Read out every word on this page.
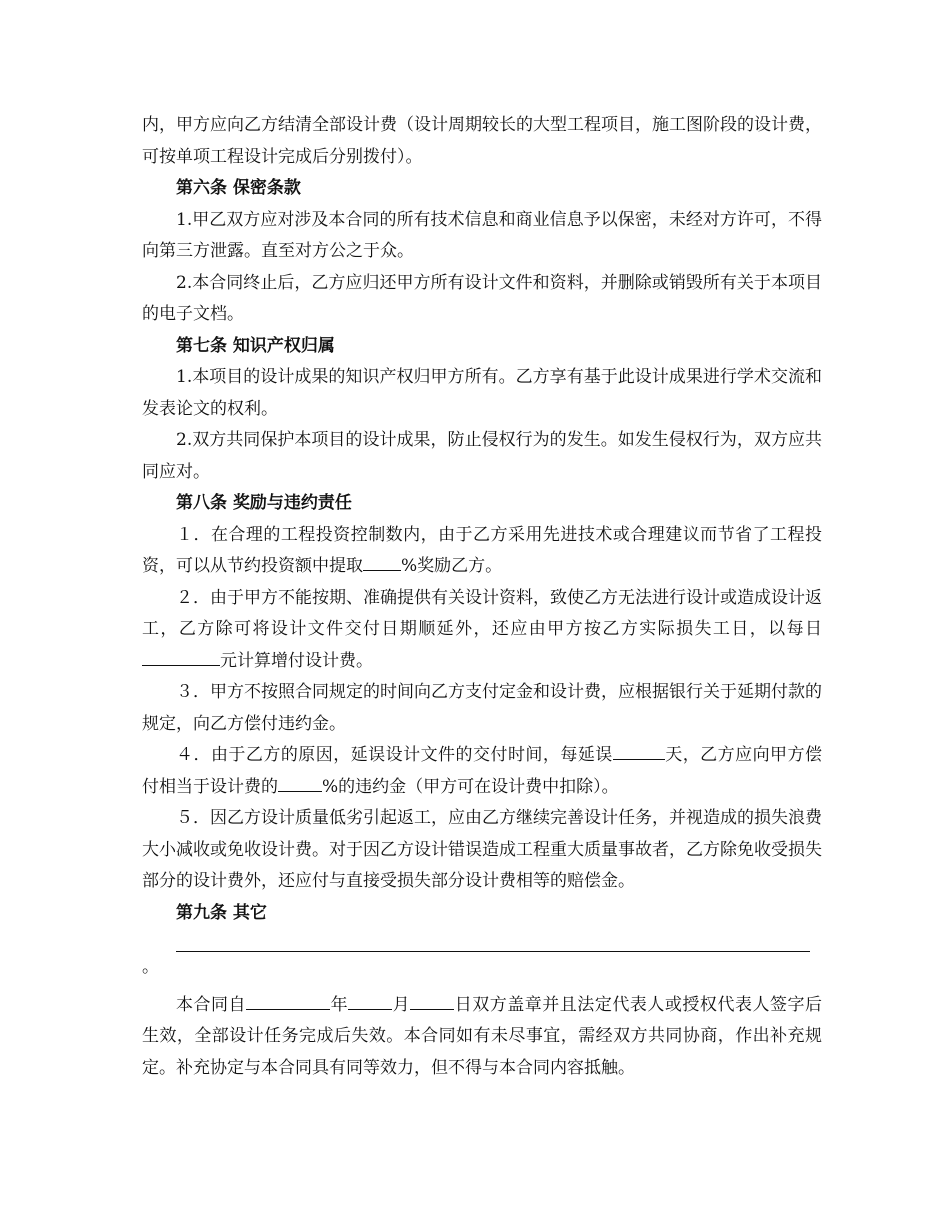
内，甲方应向乙方结清全部设计费（设计周期较长的大型工程项目，施工图阶段的设计费，可按单项工程设计完成后分别拨付）。

第六条 保密条款

1.甲乙双方应对涉及本合同的所有技术信息和商业信息予以保密，未经对方许可，不得向第三方泄露。直至对方公之于众。

2.本合同终止后，乙方应归还甲方所有设计文件和资料，并删除或销毁所有关于本项目的电子文档。

第七条 知识产权归属

1.本项目的设计成果的知识产权归甲方所有。乙方享有基于此设计成果进行学术交流和发表论文的权利。

2.双方共同保护本项目的设计成果，防止侵权行为的发生。如发生侵权行为，双方应共同应对。

第八条 奖励与违约责任

１．在合理的工程投资控制数内，由于乙方采用先进技术或合理建议而节省了工程投资，可以从节约投资额中提取 %奖励乙方。

２．由于甲方不能按期、准确提供有关设计资料，致使乙方无法进行设计或造成设计返工，乙方除可将设计文件交付日期顺延外，还应由甲方按乙方实际损失工日，以每日元计算增付设计费。

３．甲方不按照合同规定的时间向乙方支付定金和设计费，应根据银行关于延期付款的规定，向乙方偿付违约金。

４．由于乙方的原因，延误设计文件的交付时间，每延误	天，乙方应向甲方偿付相当于设计费的	%的违约金（甲方可在设计费中扣除）。

５．因乙方设计质量低劣引起返工，应由乙方继续完善设计任务，并视造成的损失浪费大小减收或免收设计费。对于因乙方设计错误造成工程重大质量事故者，乙方除免收受损失部分的设计费外，还应付与直接受损失部分设计费相等的赔偿金。

第九条 其它

。

本合同自	年	月	日双方盖章并且法定代表人或授权代表人签字后生效，全部设计任务完成后失效。本合同如有未尽事宜，需经双方共同协商，作出补充规定。补充协定与本合同具有同等效力，但不得与本合同内容抵触。
